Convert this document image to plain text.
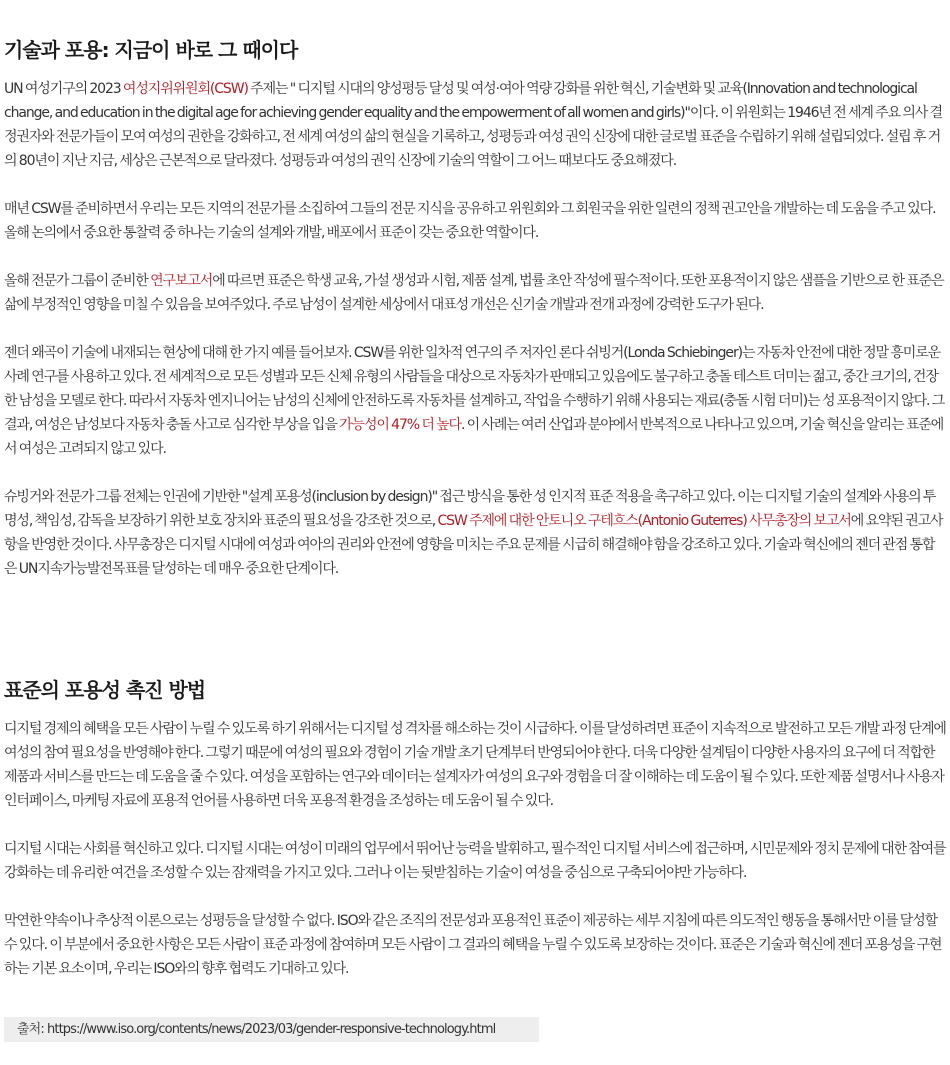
기술과 포용: 지금이 바로 그 때이다

UN 여성기구의 2023 여성지위위원회(CSW) 주제는 " 디지털 시대의 양성평등 달성 및 여성·여아 역량 강화를 위한 혁신, 기술변화 및 교육(Innovation and technological change, and education in the digital age for achieving gender equality and the empowerment of all women and girls)"이다. 이 위원회는 1946년 전 세계 주요 의사 결정권자와 전문가들이 모여 여성의 권한을 강화하고, 전 세계 여성의 삶의 현실을 기록하고, 성평등과 여성 권익 신장에 대한 글로벌 표준을 수립하기 위해 설립되었다. 설립 후 거의 80년이 지난 지금, 세상은 근본적으로 달라졌다. 성평등과 여성의 권익 신장에 기술의 역할이 그 어느 때보다도 중요해졌다.

매년 CSW를 준비하면서 우리는 모든 지역의 전문가를 소집하여 그들의 전문 지식을 공유하고 위원회와 그 회원국을 위한 일련의 정책 권고안을 개발하는 데 도움을 주고 있다. 올해 논의에서 중요한 통찰력 중 하나는 기술의 설계와 개발, 배포에서 표준이 갖는 중요한 역할이다.

올해 전문가 그룹이 준비한 연구보고서에 따르면 표준은 학생 교육, 가설 생성과 시험, 제품 설계, 법률 초안 작성에 필수적이다. 또한 포용적이지 않은 샘플을 기반으로 한 표준은 삶에 부정적인 영향을 미칠 수 있음을 보여주었다. 주로 남성이 설계한 세상에서 대표성 개선은 신기술 개발과 전개 과정에 강력한 도구가 된다.

젠더 왜곡이 기술에 내재되는 현상에 대해 한 가지 예를 들어보자. CSW를 위한 일차적 연구의 주 저자인 론다 쉬빙거(Londa Schiebinger)는 자동차 안전에 대한 정말 흥미로운 사례 연구를 사용하고 있다. 전 세계적으로 모든 성별과 모든 신체 유형의 사람들을 대상으로 자동차가 판매되고 있음에도 불구하고 충돌 테스트 더미는 젊고, 중간 크기의, 건장한 남성을 모델로 한다. 따라서 자동차 엔지니어는 남성의 신체에 안전하도록 자동차를 설계하고, 작업을 수행하기 위해 사용되는 재료(충돌 시험 더미)는 성 포용적이지 않다. 그 결과, 여성은 남성보다 자동차 충돌 사고로 심각한 부상을 입을 가능성이 47% 더 높다. 이 사례는 여러 산업과 분야에서 반복적으로 나타나고 있으며, 기술 혁신을 알리는 표준에서 여성은 고려되지 않고 있다.

슈빙거와 전문가 그룹 전체는 인권에 기반한 "설계 포용성(inclusion by design)" 접근 방식을 통한 성 인지적 표준 적용을 촉구하고 있다. 이는 디지털 기술의 설계와 사용의 투명성, 책임성, 감독을 보장하기 위한 보호 장치와 표준의 필요성을 강조한 것으로, CSW 주제에 대한 안토니오 구테흐스(Antonio Guterres) 사무총장의 보고서에 요약된 권고사항을 반영한 것이다. 사무총장은 디지털 시대에 여성과 여아의 권리와 안전에 영향을 미치는 주요 문제를 시급히 해결해야 함을 강조하고 있다. 기술과 혁신에의 젠더 관점 통합은 UN지속가능발전목표를 달성하는 데 매우 중요한 단계이다.

표준의 포용성 촉진 방법

디지털 경제의 혜택을 모든 사람이 누릴 수 있도록 하기 위해서는 디지털 성 격차를 해소하는 것이 시급하다. 이를 달성하려면 표준이 지속적으로 발전하고 모든 개발 과정 단계에 여성의 참여 필요성을 반영해야 한다. 그렇기 때문에 여성의 필요와 경험이 기술 개발 초기 단계부터 반영되어야 한다. 더욱 다양한 설계팀이 다양한 사용자의 요구에 더 적합한 제품과 서비스를 만드는 데 도움을 줄 수 있다. 여성을 포함하는 연구와 데이터는 설계자가 여성의 요구와 경험을 더 잘 이해하는 데 도움이 될 수 있다. 또한 제품 설명서나 사용자 인터페이스, 마케팅 자료에 포용적 언어를 사용하면 더욱 포용적 환경을 조성하는 데 도움이 될 수 있다.

디지털 시대는 사회를 혁신하고 있다. 디지털 시대는 여성이 미래의 업무에서 뛰어난 능력을 발휘하고, 필수적인 디지털 서비스에 접근하며, 시민문제와 정치 문제에 대한 참여를 강화하는 데 유리한 여건을 조성할 수 있는 잠재력을 가지고 있다. 그러나 이는 뒷받침하는 기술이 여성을 중심으로 구축되어야만 가능하다.

막연한 약속이나 추상적 이론으로는 성평등을 달성할 수 없다. ISO와 같은 조직의 전문성과 포용적인 표준이 제공하는 세부 지침에 따른 의도적인 행동을 통해서만 이를 달성할 수 있다. 이 부분에서 중요한 사항은 모든 사람이 표준 과정에 참여하며 모든 사람이 그 결과의 혜택을 누릴 수 있도록 보장하는 것이다. 표준은 기술과 혁신에 젠더 포용성을 구현하는 기본 요소이며, 우리는 ISO와의 향후 협력도 기대하고 있다.

출처: https://www.iso.org/contents/news/2023/03/gender-responsive-technology.html
